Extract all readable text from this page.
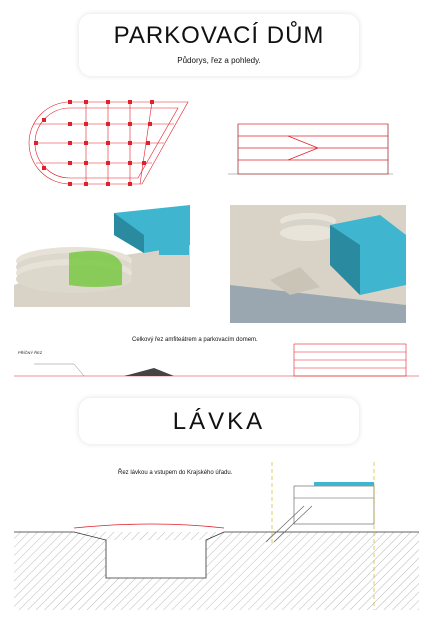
PARKOVACÍ DŮM
Půdorys, řez a pohledy.
Celkový řez amfiteátrem a parkovacím domem.
PŘÍČNÝ ŘEZ
LÁVKA
Řez lávkou a vstupem do Krajského úřadu.
